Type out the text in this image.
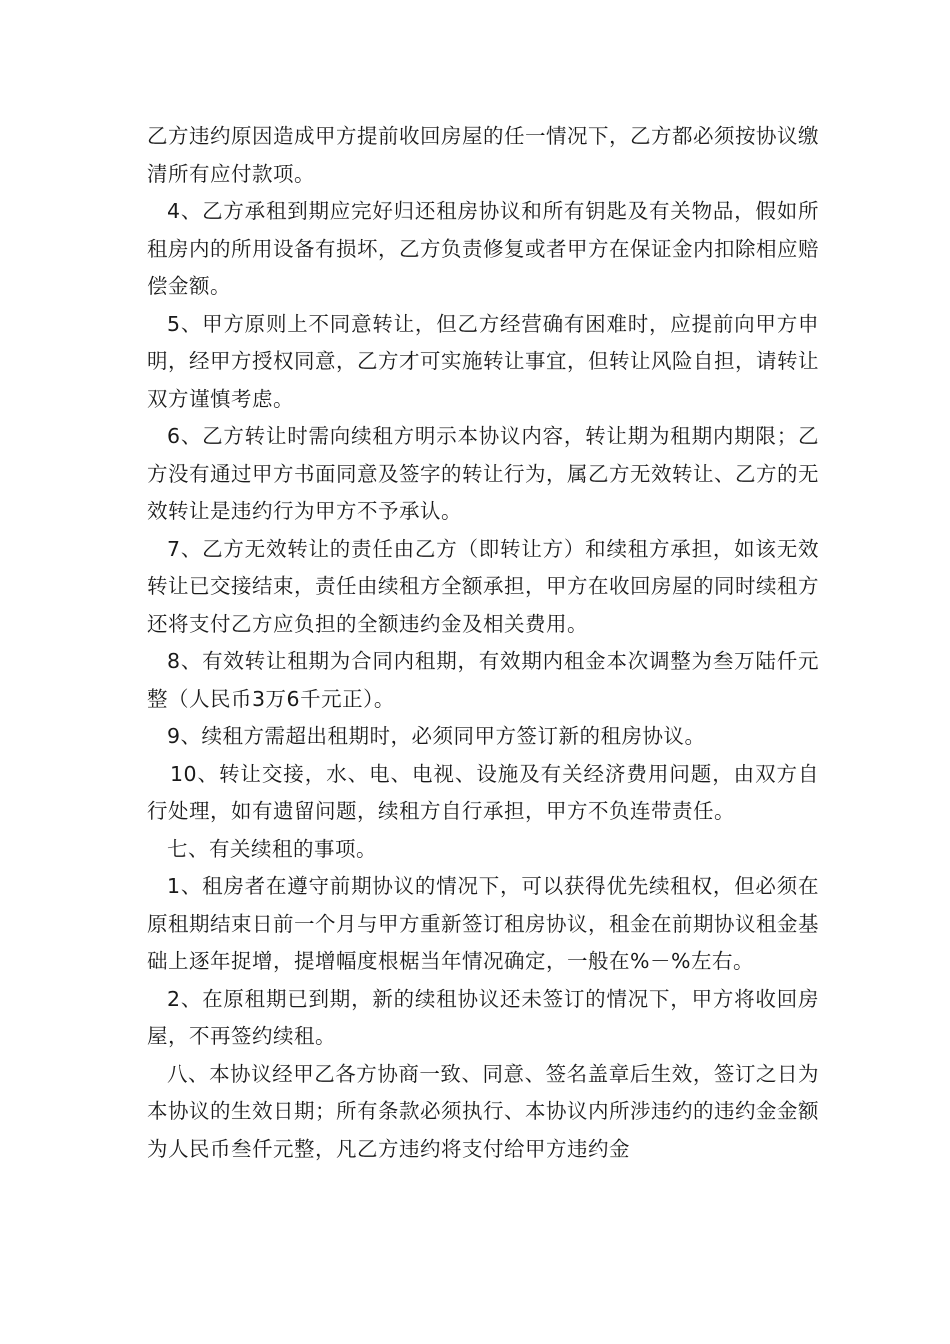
乙方违约原因造成甲方提前收回房屋的任一情况下，乙方都必须按协议缴清所有应付款项。

4、乙方承租到期应完好归还租房协议和所有钥匙及有关物品，假如所租房内的所用设备有损坏，乙方负责修复或者甲方在保证金内扣除相应赔偿金额。

5、甲方原则上不同意转让，但乙方经营确有困难时，应提前向甲方申明，经甲方授权同意，乙方才可实施转让事宜，但转让风险自担，请转让双方谨慎考虑。

6、乙方转让时需向续租方明示本协议内容，转让期为租期内期限；乙方没有通过甲方书面同意及签字的转让行为，属乙方无效转让、乙方的无效转让是违约行为甲方不予承认。

7、乙方无效转让的责任由乙方（即转让方）和续租方承担，如该无效转让已交接结束，责任由续租方全额承担，甲方在收回房屋的同时续租方还将支付乙方应负担的全额违约金及相关费用。

8、有效转让租期为合同内租期，有效期内租金本次调整为叁万陆仟元整（人民币3万6千元正）。

9、续租方需超出租期时，必须同甲方签订新的租房协议。

10、转让交接，水、电、电视、设施及有关经济费用问题，由双方自行处理，如有遗留问题，续租方自行承担，甲方不负连带责任。

七、有关续租的事项。

1、租房者在遵守前期协议的情况下，可以获得优先续租权，但必须在原租期结束日前一个月与甲方重新签订租房协议，租金在前期协议租金基础上逐年捉增，提增幅度根椐当年情况确定，一般在%－%左右。

2、在原租期已到期，新的续租协议还未签订的情况下，甲方将收回房屋，不再签约续租。

八、本协议经甲乙各方协商一致、同意、签名盖章后生效，签订之日为本协议的生效日期；所有条款必须执行、本协议内所涉违约的违约金金额为人民币叁仟元整，凡乙方违约将支付给甲方违约金
